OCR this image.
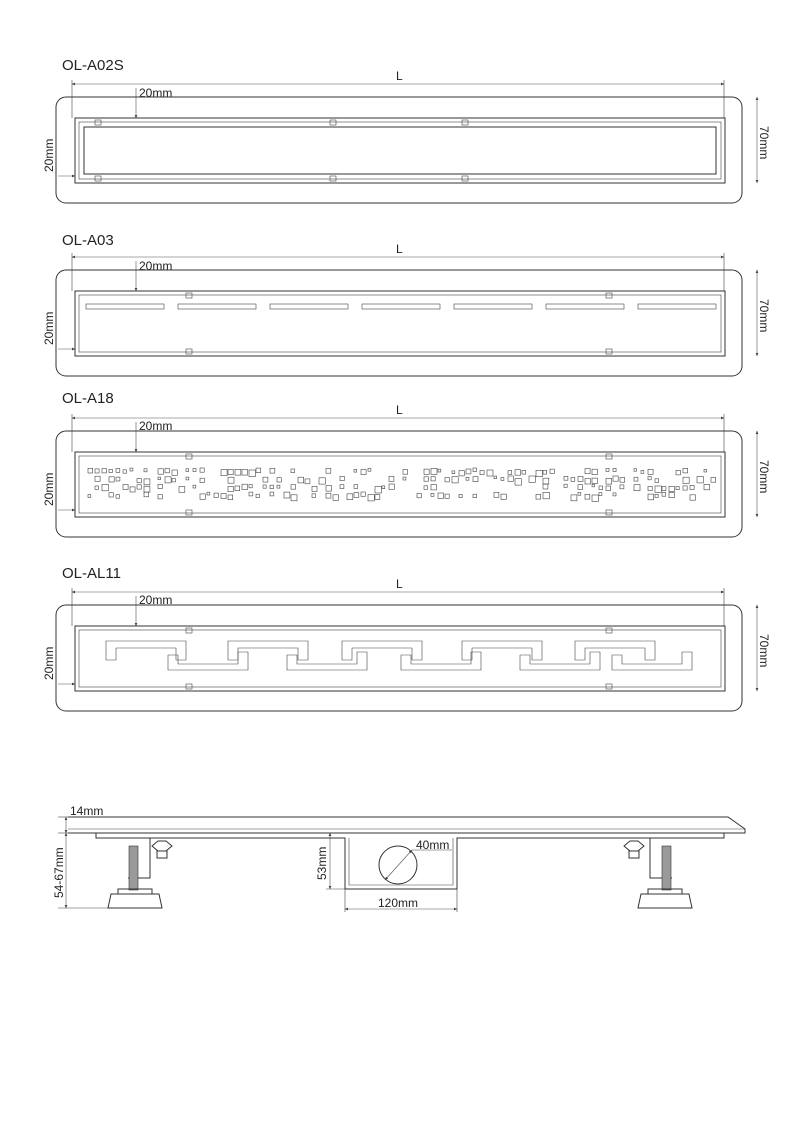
OL-A02S
L
20mm
20mm	70mm
OL-A03	L
20mm
20mm	70mm
OL-A18
L
20mm
20mm	70mm
OL-AL11
L
20mm
20mm	70mm
40mm
120mm
53mm
14mm
54-67mm
